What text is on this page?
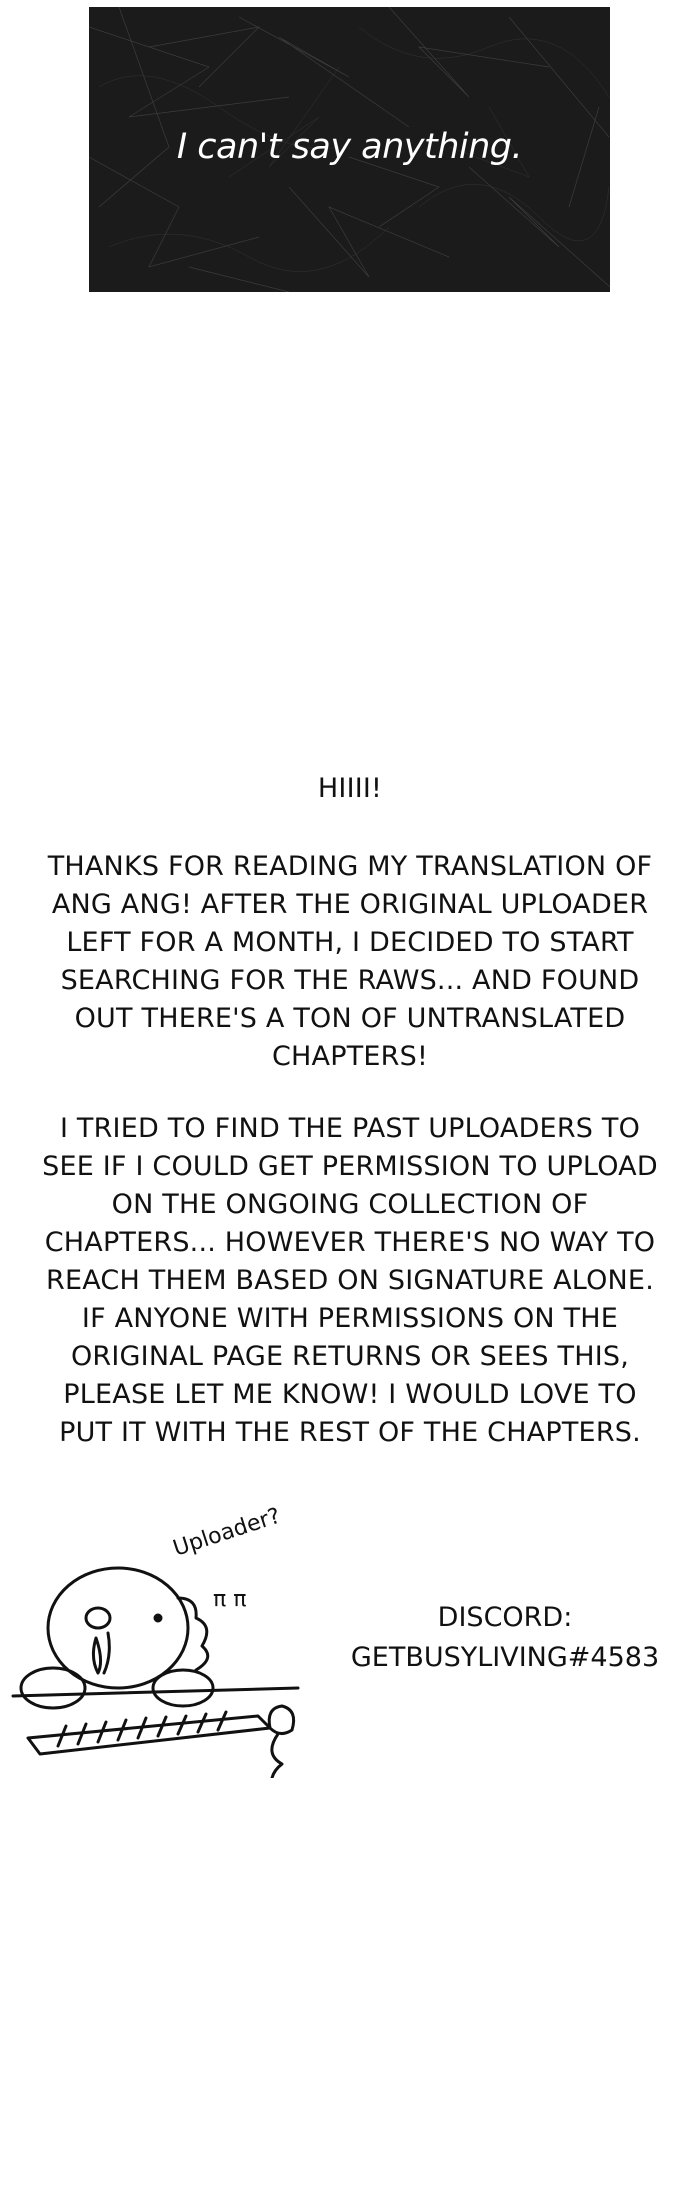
I can't say anything.
HIIII!
THANKS FOR READING MY TRANSLATION OF
ANG ANG! AFTER THE ORIGINAL UPLOADER
LEFT FOR A MONTH, I DECIDED TO START
SEARCHING FOR THE RAWS... AND FOUND
OUT THERE'S A TON OF UNTRANSLATED
CHAPTERS!
I TRIED TO FIND THE PAST UPLOADERS TO
SEE IF I COULD GET PERMISSION TO UPLOAD
ON THE ONGOING COLLECTION OF
CHAPTERS... HOWEVER THERE'S NO WAY TO
REACH THEM BASED ON SIGNATURE ALONE.
IF ANYONE WITH PERMISSIONS ON THE
ORIGINAL PAGE RETURNS OR SEES THIS,
PLEASE LET ME KNOW! I WOULD LOVE TO
PUT IT WITH THE REST OF THE CHAPTERS.
Uploader?
π π
DISCORD:
GETBUSYLIVING#4583
